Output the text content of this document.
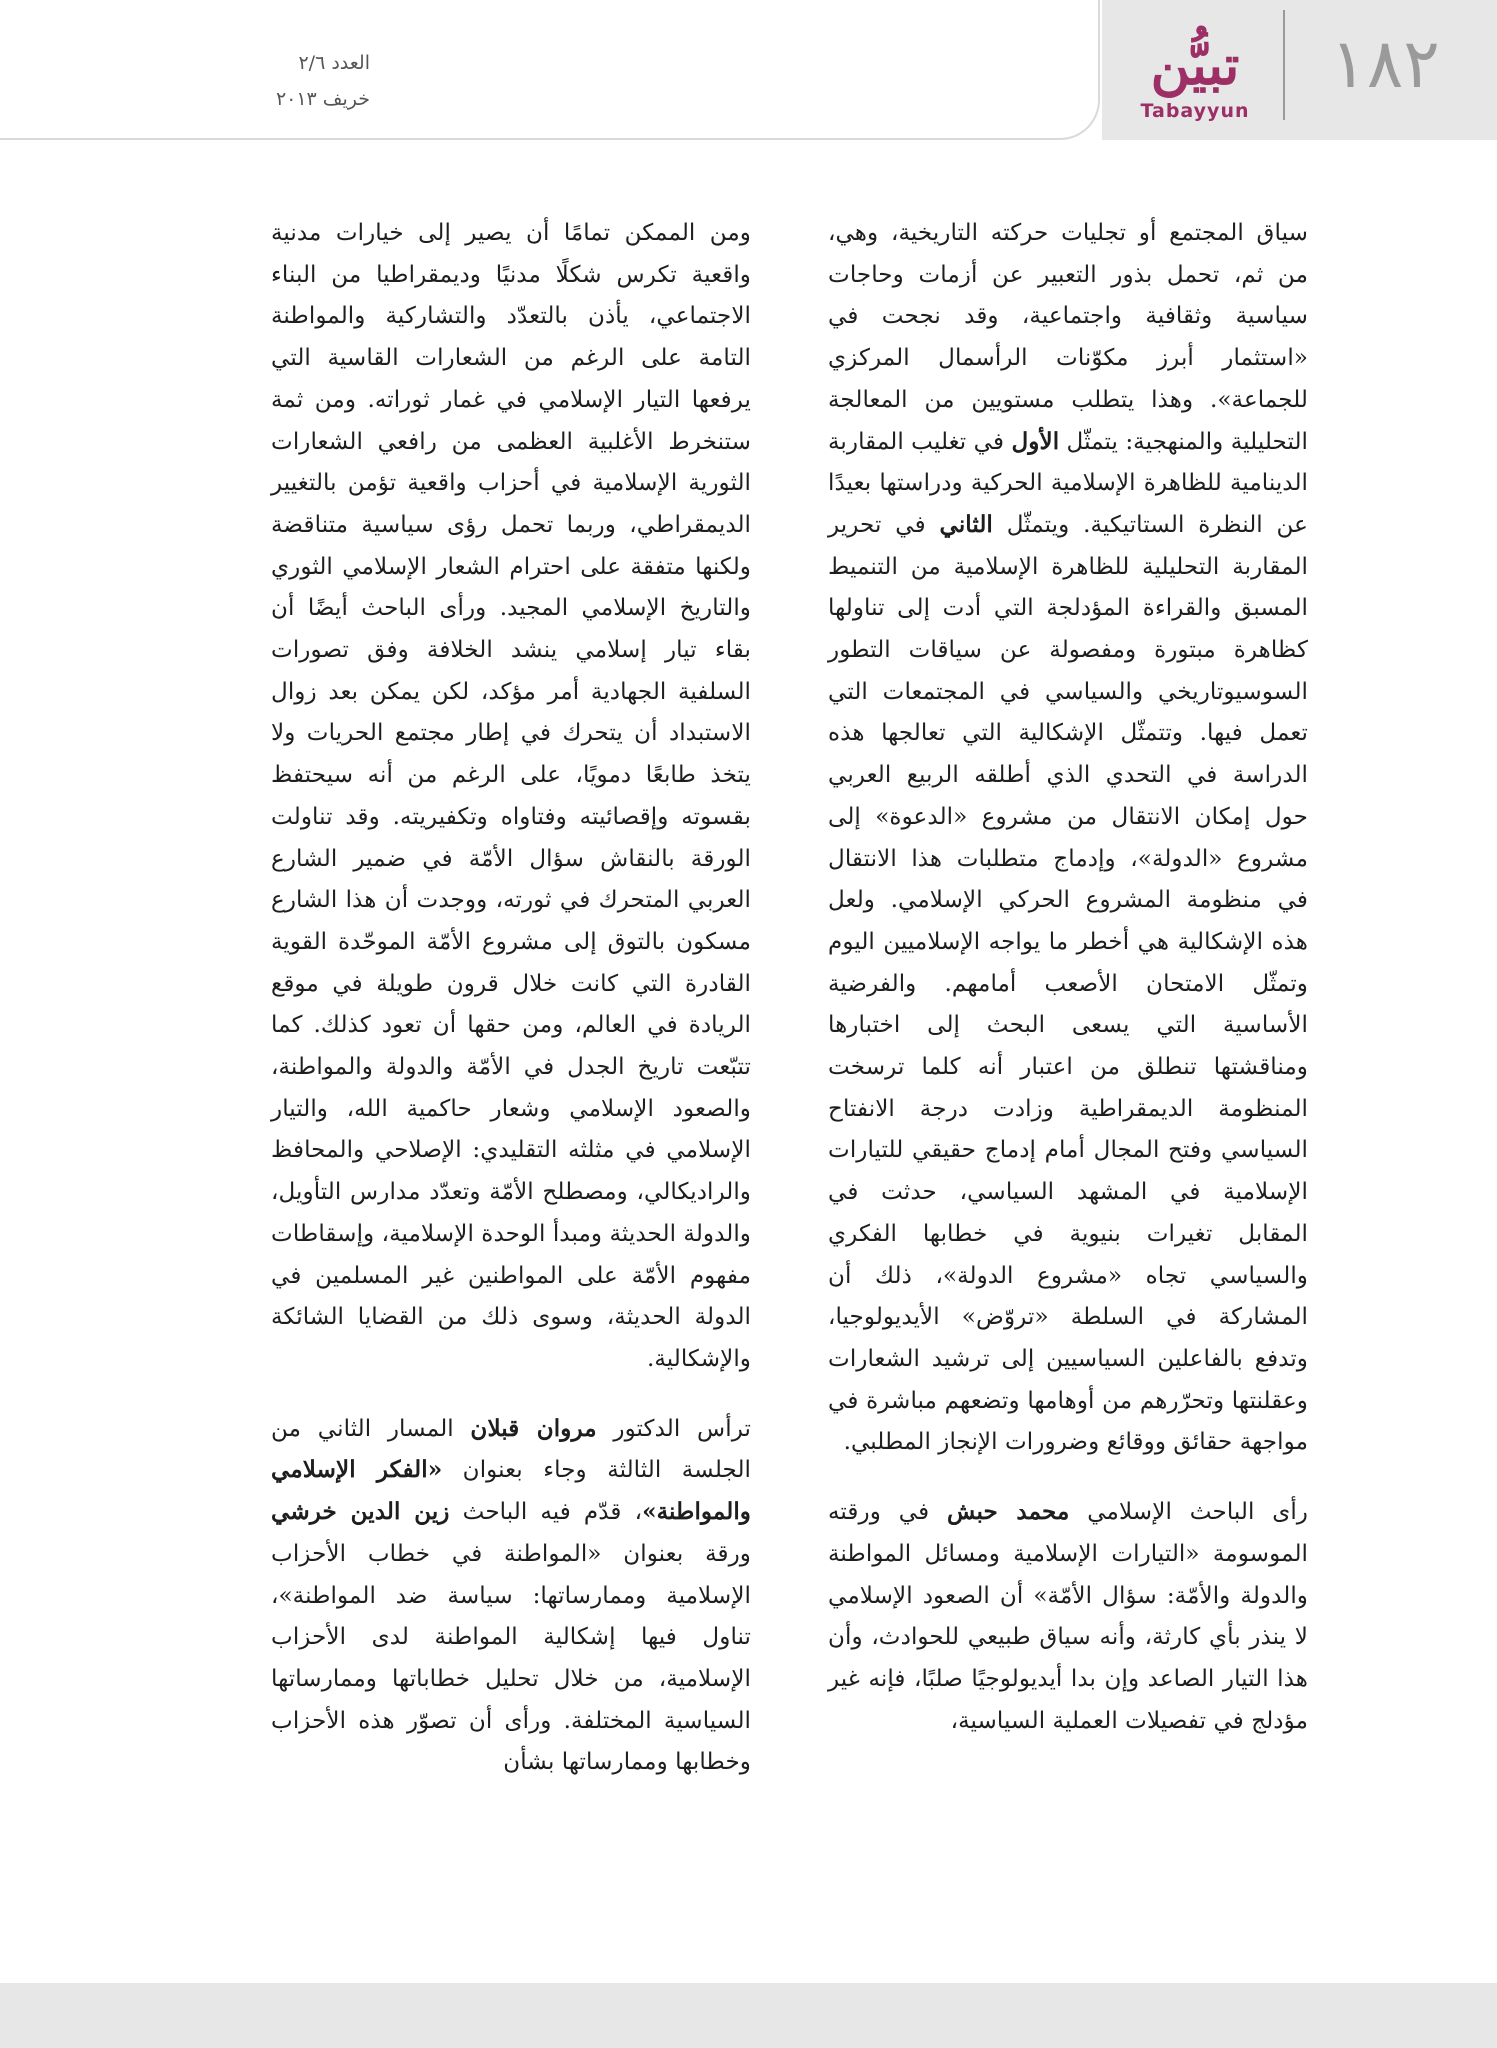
تبيُّن
Tabayyun
١٨٢
العدد ٢/٦
خريف ٢٠١٣

سياق المجتمع أو تجليات حركته التاريخية، وهي، من ثم، تحمل بذور التعبير عن أزمات وحاجات سياسية وثقافية واجتماعية، وقد نجحت في «استثمار أبرز مكوّنات الرأسمال المركزي للجماعة». وهذا يتطلب مستويين من المعالجة التحليلية والمنهجية: يتمثّل الأول في تغليب المقاربة الدينامية للظاهرة الإسلامية الحركية ودراستها بعيدًا عن النظرة الستاتيكية. ويتمثّل الثاني في تحرير المقاربة التحليلية للظاهرة الإسلامية من التنميط المسبق والقراءة المؤدلجة التي أدت إلى تناولها كظاهرة مبتورة ومفصولة عن سياقات التطور السوسيوتاريخي والسياسي في المجتمعات التي تعمل فيها. وتتمثّل الإشكالية التي تعالجها هذه الدراسة في التحدي الذي أطلقه الربيع العربي حول إمكان الانتقال من مشروع «الدعوة» إلى مشروع «الدولة»، وإدماج متطلبات هذا الانتقال في منظومة المشروع الحركي الإسلامي. ولعل هذه الإشكالية هي أخطر ما يواجه الإسلاميين اليوم وتمثّل الامتحان الأصعب أمامهم. والفرضية الأساسية التي يسعى البحث إلى اختبارها ومناقشتها تنطلق من اعتبار أنه كلما ترسخت المنظومة الديمقراطية وزادت درجة الانفتاح السياسي وفتح المجال أمام إدماج حقيقي للتيارات الإسلامية في المشهد السياسي، حدثت في المقابل تغيرات بنيوية في خطابها الفكري والسياسي تجاه «مشروع الدولة»، ذلك أن المشاركة في السلطة «تروّض» الأيديولوجيا، وتدفع بالفاعلين السياسيين إلى ترشيد الشعارات وعقلنتها وتحرّرهم من أوهامها وتضعهم مباشرة في مواجهة حقائق ووقائع وضرورات الإنجاز المطلبي.

رأى الباحث الإسلامي محمد حبش في ورقته الموسومة «التيارات الإسلامية ومسائل المواطنة والدولة والأمّة: سؤال الأمّة» أن الصعود الإسلامي لا ينذر بأي كارثة، وأنه سياق طبيعي للحوادث، وأن هذا التيار الصاعد وإن بدا أيديولوجيًا صلبًا، فإنه غير مؤدلج في تفصيلات العملية السياسية،

ومن الممكن تمامًا أن يصير إلى خيارات مدنية واقعية تكرس شكلًا مدنيًا وديمقراطيا من البناء الاجتماعي، يأذن بالتعدّد والتشاركية والمواطنة التامة على الرغم من الشعارات القاسية التي يرفعها التيار الإسلامي في غمار ثوراته. ومن ثمة ستنخرط الأغلبية العظمى من رافعي الشعارات الثورية الإسلامية في أحزاب واقعية تؤمن بالتغيير الديمقراطي، وربما تحمل رؤى سياسية متناقضة ولكنها متفقة على احترام الشعار الإسلامي الثوري والتاريخ الإسلامي المجيد. ورأى الباحث أيضًا أن بقاء تيار إسلامي ينشد الخلافة وفق تصورات السلفية الجهادية أمر مؤكد، لكن يمكن بعد زوال الاستبداد أن يتحرك في إطار مجتمع الحريات ولا يتخذ طابعًا دمويًا، على الرغم من أنه سيحتفظ بقسوته وإقصائيته وفتاواه وتكفيريته. وقد تناولت الورقة بالنقاش سؤال الأمّة في ضمير الشارع العربي المتحرك في ثورته، ووجدت أن هذا الشارع مسكون بالتوق إلى مشروع الأمّة الموحّدة القوية القادرة التي كانت خلال قرون طويلة في موقع الريادة في العالم، ومن حقها أن تعود كذلك. كما تتبّعت تاريخ الجدل في الأمّة والدولة والمواطنة، والصعود الإسلامي وشعار حاكمية الله، والتيار الإسلامي في مثلثه التقليدي: الإصلاحي والمحافظ والراديكالي، ومصطلح الأمّة وتعدّد مدارس التأويل، والدولة الحديثة ومبدأ الوحدة الإسلامية، وإسقاطات مفهوم الأمّة على المواطنين غير المسلمين في الدولة الحديثة، وسوى ذلك من القضايا الشائكة والإشكالية.

ترأس الدكتور مروان قبلان المسار الثاني من الجلسة الثالثة وجاء بعنوان «الفكر الإسلامي والمواطنة»، قدّم فيه الباحث زين الدين خرشي ورقة بعنوان «المواطنة في خطاب الأحزاب الإسلامية وممارساتها: سياسة ضد المواطنة»، تناول فيها إشكالية المواطنة لدى الأحزاب الإسلامية، من خلال تحليل خطاباتها وممارساتها السياسية المختلفة. ورأى أن تصوّر هذه الأحزاب وخطابها وممارساتها بشأن
